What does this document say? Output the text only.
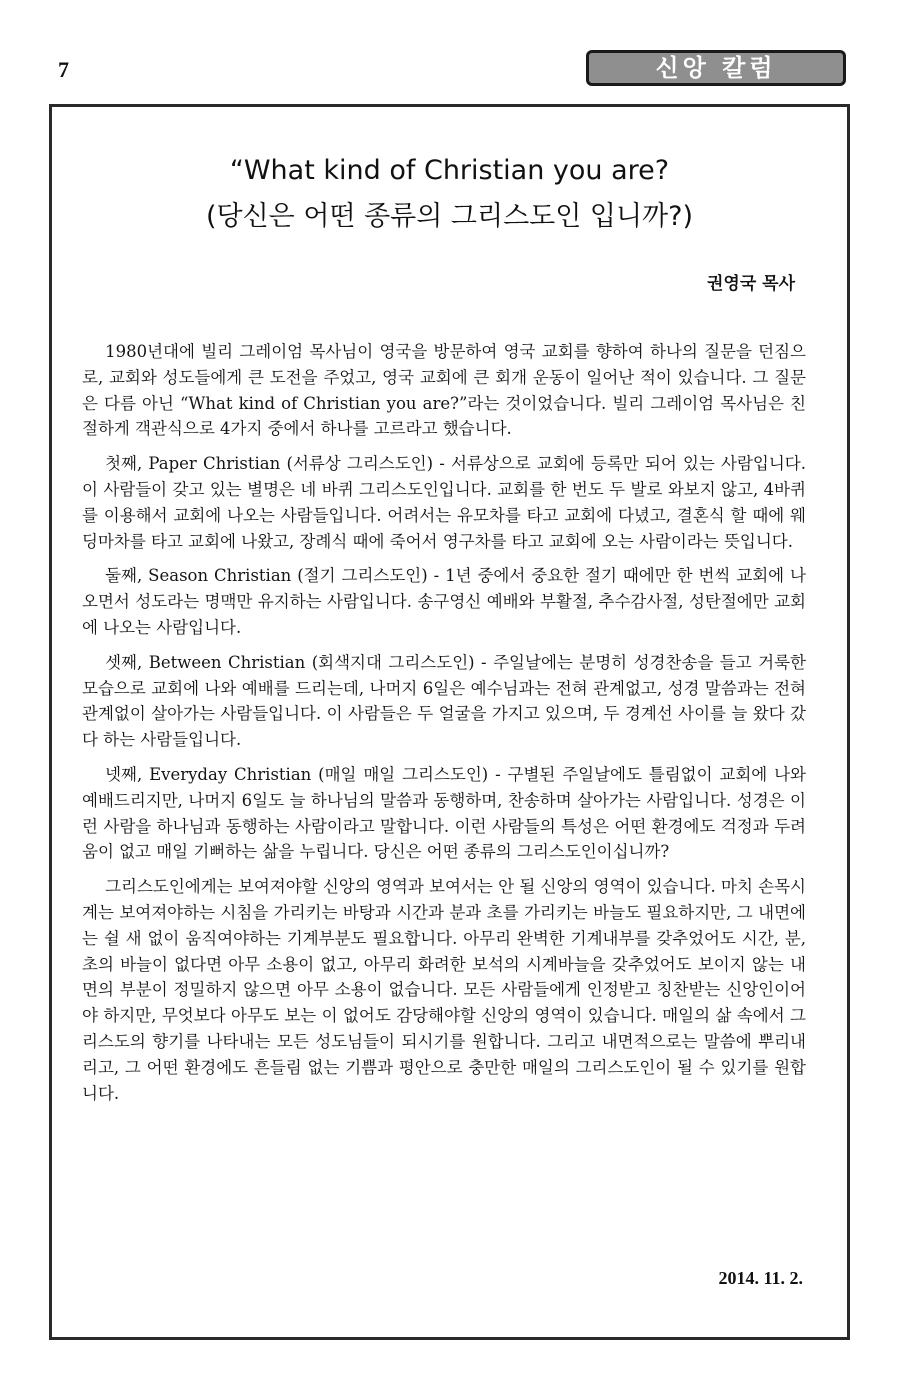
7	신앙 칼럼
“What kind of Christian you are?
(당신은 어떤 종류의 그리스도인 입니까?)
권영국 목사

1980년대에 빌리 그레이엄 목사님이 영국을 방문하여 영국 교회를 향하여 하나의 질문을 던짐으로, 교회와 성도들에게 큰 도전을 주었고, 영국 교회에 큰 회개 운동이 일어난 적이 있습니다. 그 질문은 다름 아닌 “What kind of Christian you are?”라는 것이었습니다. 빌리 그레이엄 목사님은 친절하게 객관식으로 4가지 중에서 하나를 고르라고 했습니다.

첫째, Paper Christian (서류상 그리스도인) - 서류상으로 교회에 등록만 되어 있는 사람입니다. 이 사람들이 갖고 있는 별명은 네 바퀴 그리스도인입니다. 교회를 한 번도 두 발로 와보지 않고, 4바퀴를 이용해서 교회에 나오는 사람들입니다. 어려서는 유모차를 타고 교회에 다녔고, 결혼식 할 때에 웨딩마차를 타고 교회에 나왔고, 장례식 때에 죽어서 영구차를 타고 교회에 오는 사람이라는 뜻입니다.

둘째, Season Christian (절기 그리스도인) - 1년 중에서 중요한 절기 때에만 한 번씩 교회에 나오면서 성도라는 명맥만 유지하는 사람입니다. 송구영신 예배와 부활절, 추수감사절, 성탄절에만 교회에 나오는 사람입니다.

셋째, Between Christian (회색지대 그리스도인) - 주일날에는 분명히 성경찬송을 들고 거룩한 모습으로 교회에 나와 예배를 드리는데, 나머지 6일은 예수님과는 전혀 관계없고, 성경 말씀과는 전혀 관계없이 살아가는 사람들입니다. 이 사람들은 두 얼굴을 가지고 있으며, 두 경계선 사이를 늘 왔다 갔다 하는 사람들입니다.

넷째, Everyday Christian (매일 매일 그리스도인) - 구별된 주일날에도 틀림없이 교회에 나와 예배드리지만, 나머지 6일도 늘 하나님의 말씀과 동행하며, 찬송하며 살아가는 사람입니다. 성경은 이런 사람을 하나님과 동행하는 사람이라고 말합니다. 이런 사람들의 특성은 어떤 환경에도 걱정과 두려움이 없고 매일 기뻐하는 삶을 누립니다. 당신은 어떤 종류의 그리스도인이십니까?

그리스도인에게는 보여져야할 신앙의 영역과 보여서는 안 될 신앙의 영역이 있습니다. 마치 손목시계는 보여져야하는 시침을 가리키는 바탕과 시간과 분과 초를 가리키는 바늘도 필요하지만, 그 내면에는 쉴 새 없이 움직여야하는 기계부분도 필요합니다. 아무리 완벽한 기계내부를 갖추었어도 시간, 분, 초의 바늘이 없다면 아무 소용이 없고, 아무리 화려한 보석의 시계바늘을 갖추었어도 보이지 않는 내면의 부분이 정밀하지 않으면 아무 소용이 없습니다. 모든 사람들에게 인정받고 칭찬받는 신앙인이어야 하지만, 무엇보다 아무도 보는 이 없어도 감당해야할 신앙의 영역이 있습니다. 매일의 삶 속에서 그리스도의 향기를 나타내는 모든 성도님들이 되시기를 원합니다. 그리고 내면적으로는 말씀에 뿌리내리고, 그 어떤 환경에도 흔들림 없는 기쁨과 평안으로 충만한 매일의 그리스도인이 될 수 있기를 원합니다.

2014. 11. 2.
